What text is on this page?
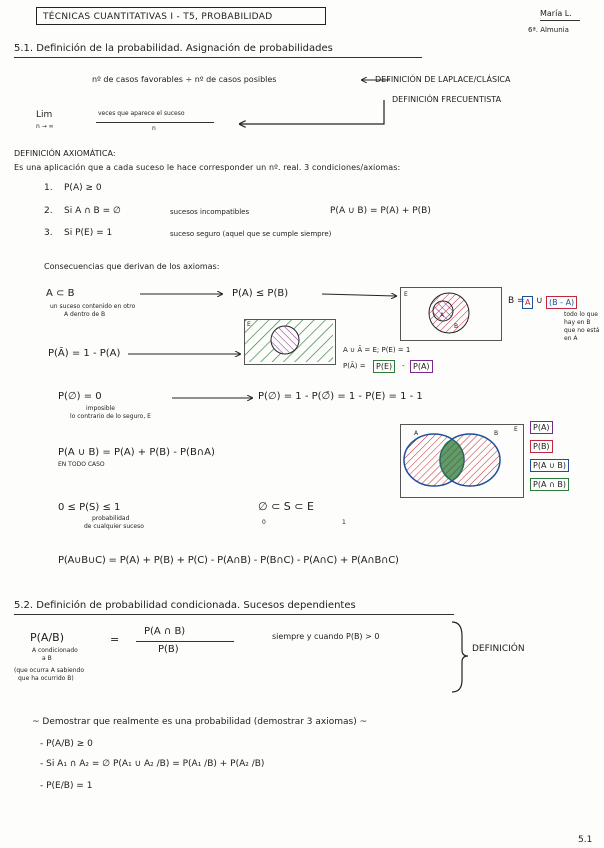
TÉCNICAS CUANTITATIVAS I - T5, PROBABILIDAD	María L.
6ª. Almunia
5.1. Definición de la probabilidad. Asignación de probabilidades
nº de casos favorables ÷ nº de casos posibles	DEFINICIÓN DE LAPLACE/CLÁSICA
DEFINICIÓN FRECUENTISTA
Lim
n → ∞
veces que aparece el suceso
n
DEFINICIÓN AXIOMÁTICA:
Es una aplicación que a cada suceso le hace corresponder un nº. real. 3 condiciones/axiomas:
1. P(A) ≥ 0
2. Si A ∩ B = ∅	sucesos incompatibles	P(A ∪ B) = P(A) + P(B)
3. Si P(E) = 1	suceso seguro (aquel que se cumple siempre)
Consecuencias que derivan de los axiomas:
A ⊂ B
un suceso contenido en otro
A dentro de B
P(A) ≤ P(B)	E
B = A ∪ (B - A)
todo lo que
hay en B
que no está
en A
P(Ā) = 1 - P(A)	A ∪ Ā = E; P(E) = 1
P(Ā) =	P(E)	-	P(A)
P(∅) = 0
imposible
lo contrario de lo seguro, E
P(∅) = 1 - P(∅̄) = 1 - P(E) = 1 - 1
P(A ∪ B) = P(A) + P(B) - P(B∩A)
EN TODO CASO
A	B
E	P(A)
P(B)
P(A ∪ B)
P(A ∩ B)
0 ≤ P(S) ≤ 1
probabilidad
de cualquier suceso
∅ ⊂ S ⊂ E
0	1
P(A∪B∪C) = P(A) + P(B) + P(C) - P(A∩B) - P(B∩C) - P(A∩C) + P(A∩B∩C)
5.2. Definición de probabilidad condicionada. Sucesos dependientes
P(A/B)	=
P(A ∩ B)
P(B)
siempre y cuando P(B) > 0
DEFINICIÓN
A condicionado
a B
(que ocurra A sabiendo
que ha ocurrido B)
~ Demostrar que realmente es una probabilidad (demostrar 3 axiomas) ~
- P(A/B) ≥ 0
- Si A₁ ∩ A₂ = ∅ P(A₁ ∪ A₂ /B) = P(A₁ /B) + P(A₂ /B)
- P(E/B) = 1
5.1
